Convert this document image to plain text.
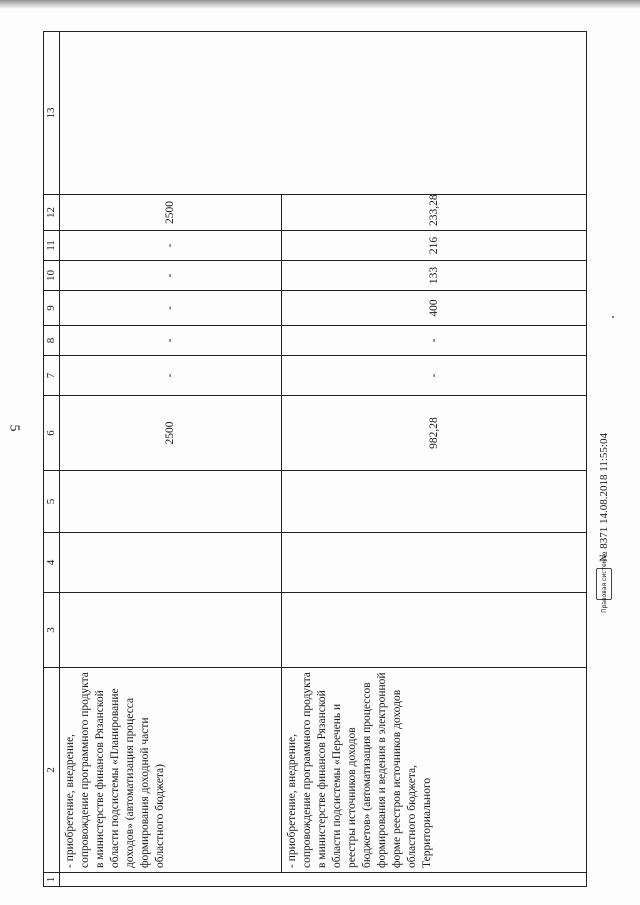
5
1	2	3	4	5	6	7	8	9	10	11	12	13
	- приобретение, внедрение, сопровождение программного продукта в министерстве финансов Рязанской области подсистемы «Планирование доходов» (автоматизация процесса формирования доходной части областного бюджета)				2500	-	-	-	-	-	2500	
	- приобретение, внедрение, сопровождение программного продукта в министерстве финансов Рязанской области подсистемы «Перечень и реестры источников доходов бюджетов» (автоматизация процессов формирования и ведения в электронной форме реестров источников доходов областного бюджета, Территориального				982,28	-	-	400	133	216	233,28	
Правовая система
№ 8371 14.08.2018 11:55:04
